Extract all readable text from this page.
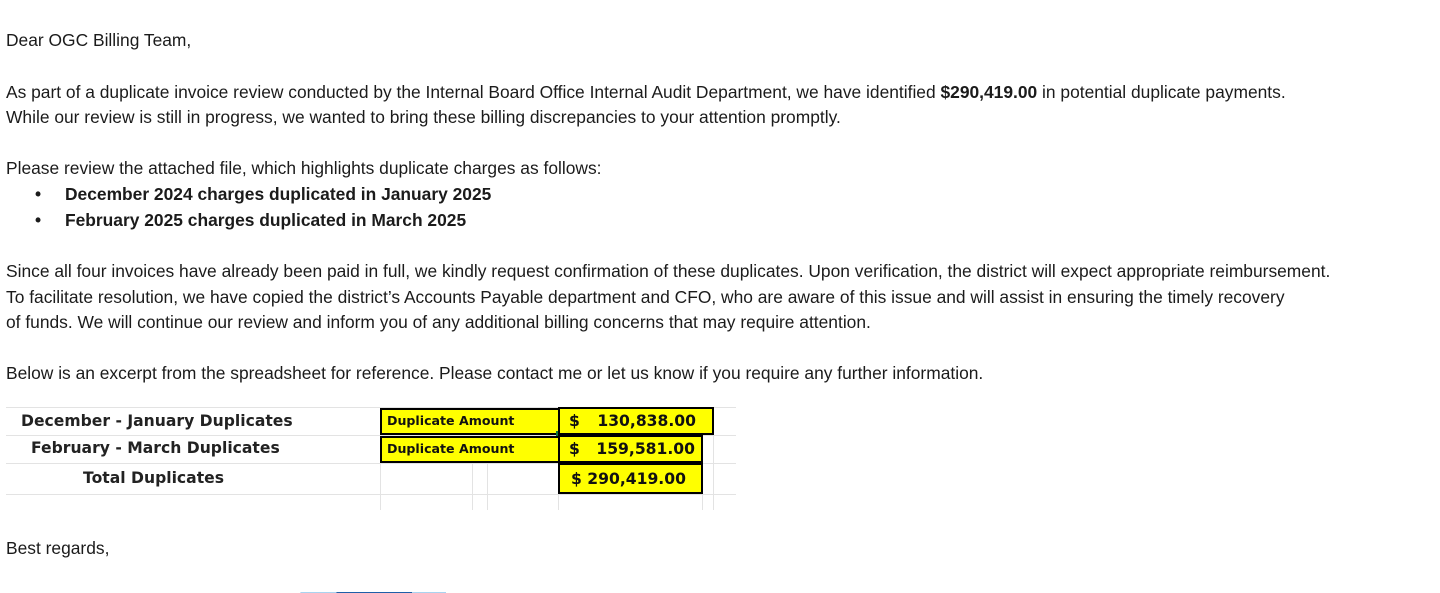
Dear OGC Billing Team,

As part of a duplicate invoice review conducted by the Internal Board Office Internal Audit Department, we have identified $290,419.00 in potential duplicate payments.

While our review is still in progress, we wanted to bring these billing discrepancies to your attention promptly.

Please review the attached file, which highlights duplicate charges as follows:

• December 2024 charges duplicated in January 2025
• February 2025 charges duplicated in March 2025

Since all four invoices have already been paid in full, we kindly request confirmation of these duplicates. Upon verification, the district will expect appropriate reimbursement.

To facilitate resolution, we have copied the district’s Accounts Payable department and CFO, who are aware of this issue and will assist in ensuring the timely recovery

of funds. We will continue our review and inform you of any additional billing concerns that may require attention.

Below is an excerpt from the spreadsheet for reference. Please contact me or let us know if you require any further information.

December - January Duplicates
February - March Duplicates
Total Duplicates
Duplicate Amount
Duplicate Amount
$ 130,838.00
$ 159,581.00
$ 290,419.00

Best regards,
